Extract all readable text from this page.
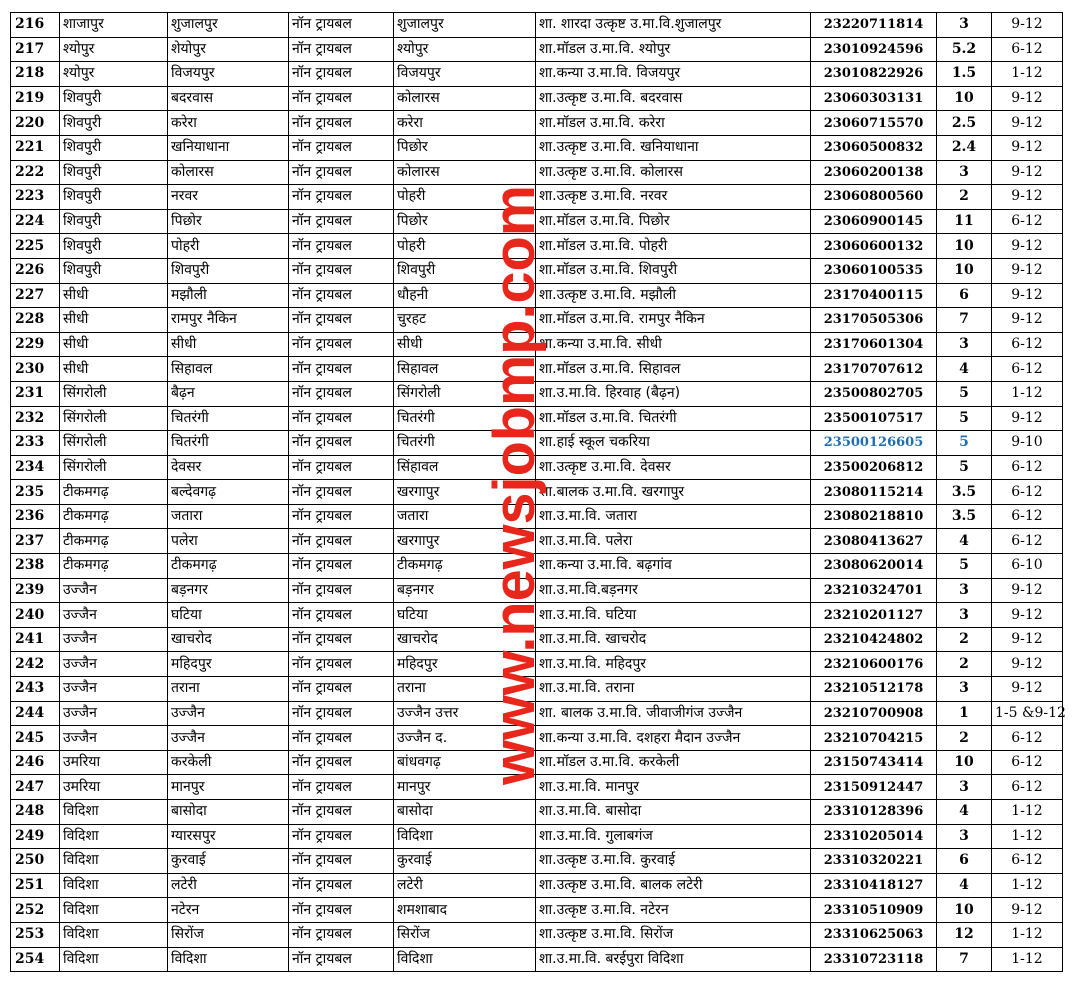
216	शाजापुर	शुजालपुर	नॉन ट्रायबल	शुजालपुर	शा. शारदा उत्कृष्ट उ.मा.वि.शुजालपुर	23220711814	3	9-12
217	श्योपुर	शेयोपुर	नॉन ट्रायबल	श्योपुर	शा.मॉडल उ.मा.वि. श्योपुर	23010924596	5.2	6-12
218	श्योपुर	विजयपुर	नॉन ट्रायबल	विजयपुर	शा.कन्या उ.मा.वि. विजयपुर	23010822926	1.5	1-12
219	शिवपुरी	बदरवास	नॉन ट्रायबल	कोलारस	शा.उत्कृष्ट उ.मा.वि. बदरवास	23060303131	10	9-12
220	शिवपुरी	करेरा	नॉन ट्रायबल	करेरा	शा.मॉडल उ.मा.वि. करेरा	23060715570	2.5	9-12
221	शिवपुरी	खनियाधाना	नॉन ट्रायबल	पिछोर	शा.उत्कृष्ट उ.मा.वि. खनियाधाना	23060500832	2.4	9-12
222	शिवपुरी	कोलारस	नॉन ट्रायबल	कोलारस	शा.उत्कृष्ट उ.मा.वि. कोलारस	23060200138	3	9-12
223	शिवपुरी	नरवर	नॉन ट्रायबल	पोहरी	शा.उत्कृष्ट उ.मा.वि. नरवर	23060800560	2	9-12
224	शिवपुरी	पिछोर	नॉन ट्रायबल	पिछोर	शा.मॉडल उ.मा.वि. पिछोर	23060900145	11	6-12
225	शिवपुरी	पोहरी	नॉन ट्रायबल	पोहरी	शा.मॉडल उ.मा.वि. पोहरी	23060600132	10	9-12
226	शिवपुरी	शिवपुरी	नॉन ट्रायबल	शिवपुरी	शा.मॉडल उ.मा.वि. शिवपुरी	23060100535	10	9-12
227	सीधी	मझौली	नॉन ट्रायबल	धौहनी	शा.उत्कृष्ट उ.मा.वि. मझौली	23170400115	6	9-12
228	सीधी	रामपुर नैकिन	नॉन ट्रायबल	चुरहट	शा.मॉडल उ.मा.वि. रामपुर नैकिन	23170505306	7	9-12
229	सीधी	सीधी	नॉन ट्रायबल	सीधी	शा.कन्या उ.मा.वि. सीधी	23170601304	3	6-12
230	सीधी	सिहावल	नॉन ट्रायबल	सिहावल	शा.मॉडल उ.मा.वि. सिहावल	23170707612	4	6-12
231	सिंगरोली	बैढ़न	नॉन ट्रायबल	सिंगरोली	शा.उ.मा.वि. हिरवाह (बैढ़न)	23500802705	5	1-12
232	सिंगरोली	चितरंगी	नॉन ट्रायबल	चितरंगी	शा.मॉडल उ.मा.वि. चितरंगी	23500107517	5	9-12
233	सिंगरोली	चितरंगी	नॉन ट्रायबल	चितरंगी	शा.हाई स्कूल चकरिया	23500126605	5	9-10
234	सिंगरोली	देवसर	नॉन ट्रायबल	सिंहावल	शा.उत्कृष्ट उ.मा.वि. देवसर	23500206812	5	6-12
235	टीकमगढ़	बल्देवगढ़	नॉन ट्रायबल	खरगापुर	शा.बालक उ.मा.वि. खरगापुर	23080115214	3.5	6-12
236	टीकमगढ़	जतारा	नॉन ट्रायबल	जतारा	शा.उ.मा.वि. जतारा	23080218810	3.5	6-12
237	टीकमगढ़	पलेरा	नॉन ट्रायबल	खरगापुर	शा.उ.मा.वि. पलेरा	23080413627	4	6-12
238	टीकमगढ़	टीकमगढ़	नॉन ट्रायबल	टीकमगढ़	शा.कन्या उ.मा.वि. बढ़गांव	23080620014	5	6-10
239	उज्जैन	बड़नगर	नॉन ट्रायबल	बड़नगर	शा.उ.मा.वि.बड़नगर	23210324701	3	9-12
240	उज्जैन	घटिया	नॉन ट्रायबल	घटिया	शा.उ.मा.वि. घटिया	23210201127	3	9-12
241	उज्जैन	खाचरोद	नॉन ट्रायबल	खाचरोद	शा.उ.मा.वि. खाचरोद	23210424802	2	9-12
242	उज्जैन	महिदपुर	नॉन ट्रायबल	महिदपुर	शा.उ.मा.वि. महिदपुर	23210600176	2	9-12
243	उज्जैन	तराना	नॉन ट्रायबल	तराना	शा.उ.मा.वि. तराना	23210512178	3	9-12
244	उज्जैन	उज्जैन	नॉन ट्रायबल	उज्जैन उत्तर	शा. बालक उ.मा.वि. जीवाजीगंज उज्जैन	23210700908	1	1-5 &9-12
245	उज्जैन	उज्जैन	नॉन ट्रायबल	उज्जैन द.	शा.कन्या उ.मा.वि. दशहरा मैदान उज्जैन	23210704215	2	6-12
246	उमरिया	करकेली	नॉन ट्रायबल	बांधवगढ़	शा.मॉडल उ.मा.वि. करकेली	23150743414	10	6-12
247	उमरिया	मानपुर	नॉन ट्रायबल	मानपुर	शा.उ.मा.वि. मानपुर	23150912447	3	6-12
248	विदिशा	बासोदा	नॉन ट्रायबल	बासोदा	शा.उ.मा.वि. बासोदा	23310128396	4	1-12
249	विदिशा	ग्यारसपुर	नॉन ट्रायबल	विदिशा	शा.उ.मा.वि. गुलाबगंज	23310205014	3	1-12
250	विदिशा	कुरवाई	नॉन ट्रायबल	कुरवाई	शा.उत्कृष्ट उ.मा.वि. कुरवाई	23310320221	6	6-12
251	विदिशा	लटेरी	नॉन ट्रायबल	लटेरी	शा.उत्कृष्ट उ.मा.वि. बालक लटेरी	23310418127	4	1-12
252	विदिशा	नटेरन	नॉन ट्रायबल	शमशाबाद	शा.उत्कृष्ट उ.मा.वि. नटेरन	23310510909	10	9-12
253	विदिशा	सिरोंज	नॉन ट्रायबल	सिरोंज	शा.उत्कृष्ट उ.मा.वि. सिरोंज	23310625063	12	1-12
254	विदिशा	विदिशा	नॉन ट्रायबल	विदिशा	शा.उ.मा.वि. बरईपुरा विदिशा	23310723118	7	1-12
www.newsjobmp.com
